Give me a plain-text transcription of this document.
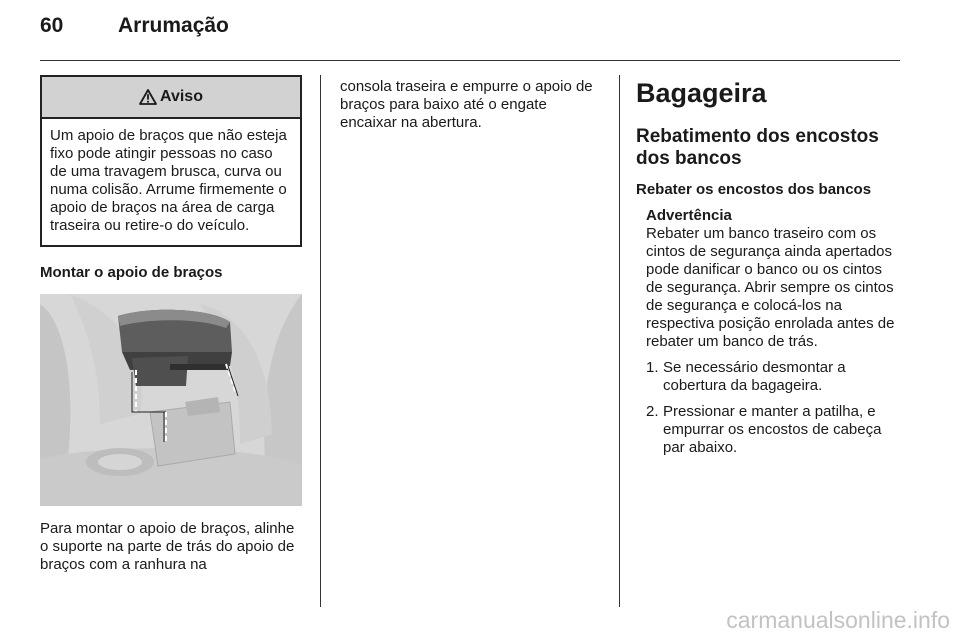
60	Arrumação
Aviso
Um apoio de braços que não esteja fixo pode atingir pessoas no caso de uma travagem brusca, curva ou numa colisão. Arrume firmemente o apoio de braços na área de carga traseira ou retire-o do veículo.
Montar o apoio de braços
Para montar o apoio de braços, alinhe o suporte na parte de trás do apoio de braços com a ranhura na
consola traseira e empurre o apoio de braços para baixo até o engate encaixar na abertura.
Bagageira
Rebatimento dos encostos dos bancos
Rebater os encostos dos bancos
Advertência
Rebater um banco traseiro com os cintos de segurança ainda apertados pode danificar o banco ou os cintos de segurança. Abrir sempre os cintos de segurança e colocá-los na respectiva posição enrolada antes de rebater um banco de trás.
1. Se necessário desmontar a cobertura da bagageira.
2. Pressionar e manter a patilha, e empurrar os encostos de cabeça par abaixo.
carmanualsonline.info
